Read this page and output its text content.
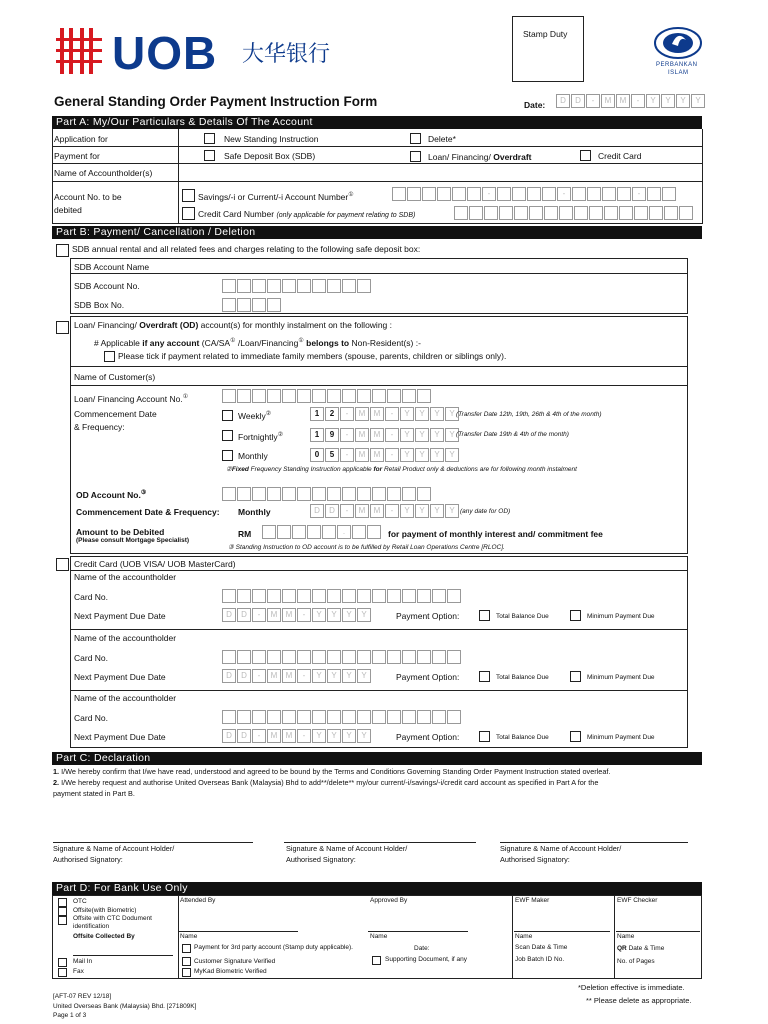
UOB 大华银行
Stamp Duty
PERBANKAN
ISLAM
General Standing Order Payment Instruction Form	Date:	D	D	-	M	M	-	Y	Y	Y	Y
Part A: My/Our Particulars & Details Of The Account
Application for	New Standing Instruction	Delete*
Payment for	Safe Deposit Box (SDB)	Loan/ Financing/ Overdraft	Credit Card
Name of Accountholder(s)
Account No. to be
debited
Savings/-i or Current/-i Account Number①	-	-	-
Credit Card Number (only applicable for payment relating to SDB)
Part B: Payment/ Cancellation / Deletion
SDB annual rental and all related fees and charges relating to the following safe deposit box:
SDB Account Name
SDB Account No.
SDB Box No.
Loan/ Financing/ Overdraft (OD) account(s) for monthly instalment on the following :
# Applicable if any account (CA/SA① /Loan/Financing① belongs to Non-Resident(s) :-
Please tick if payment related to immediate family members (spouse, parents, children or siblings only).
Name of Customer(s)
Loan/ Financing Account No.①
Commencement Date
& Frequency:
Weekly②	1	2	-	M	M	-	Y	Y	Y	Y (Transfer Date 12th, 19th, 26th & 4th of the month)
Fortnightly②	1	9	-	M	M	-	Y	Y	Y	Y (Transfer Date 19th & 4th of the month)
Monthly	0	5	-	M	M	-	Y	Y	Y	Y
②Fixed Frequency Standing Instruction applicable for Retail Product only & deductions are for following month instalment
OD Account No.③
Commencement Date & Frequency: Monthly	D	D	-	M	M	-	Y	Y	Y	Y (any date for OD)
Amount to be Debited
(Please consult Mortgage Specialist)
RM	.	for payment of monthly interest and/ commitment fee
③ Standing Instruction to OD account is to be fulfilled by Retail Loan Operations Centre [RLOC].
Credit Card (UOB VISA/ UOB MasterCard)
Name of the accountholder
Card No.
Next Payment Due Date	D	D	-	M	M	-	Y	Y	Y	Y	Payment Option:	Total Balance Due	Minimum Payment Due
Name of the accountholder
Card No.
Next Payment Due Date	D	D	-	M	M	-	Y	Y	Y	Y	Payment Option:	Total Balance Due	Minimum Payment Due
Name of the accountholder
Card No.
Next Payment Due Date	D	D	-	M	M	-	Y	Y	Y	Y	Payment Option:	Total Balance Due	Minimum Payment Due
Part C: Declaration
1. I/We hereby confirm that I/we have read, understood and agreed to be bound by the Terms and Conditions Governing Standing Order Payment Instruction stated overleaf.
2. I/We hereby request and authorise United Overseas Bank (Malaysia) Bhd to add**/delete** my/our current/-i/savings/-i/credit card account as specified in Part A for the
payment stated in Part B.
Signature & Name of Account Holder/
Authorised Signatory:
Signature & Name of Account Holder/
Authorised Signatory:
Signature & Name of Account Holder/
Authorised Signatory:
Part D: For Bank Use Only
OTC
Offsite(with Biometric)
Offsite with CTC Dodument
identification
Offsite Collected By
Mail In
Fax
Attended By	Approved By	EWF Maker	EWF Checker
Name	Name	Name	Name
Payment for 3rd party account (Stamp duty applicable).	Date:	Scan Date & Time	QR Date & Time
Customer Signature Verified	Supporting Document, if any	Job Batch ID No.	No. of Pages
MyKad Biometric Verified
[AFT-07 REV 12/18]
United Overseas Bank (Malaysia) Bhd. [271809K]
Page 1 of 3
*Deletion effective is immediate.
** Please delete as appropriate.
